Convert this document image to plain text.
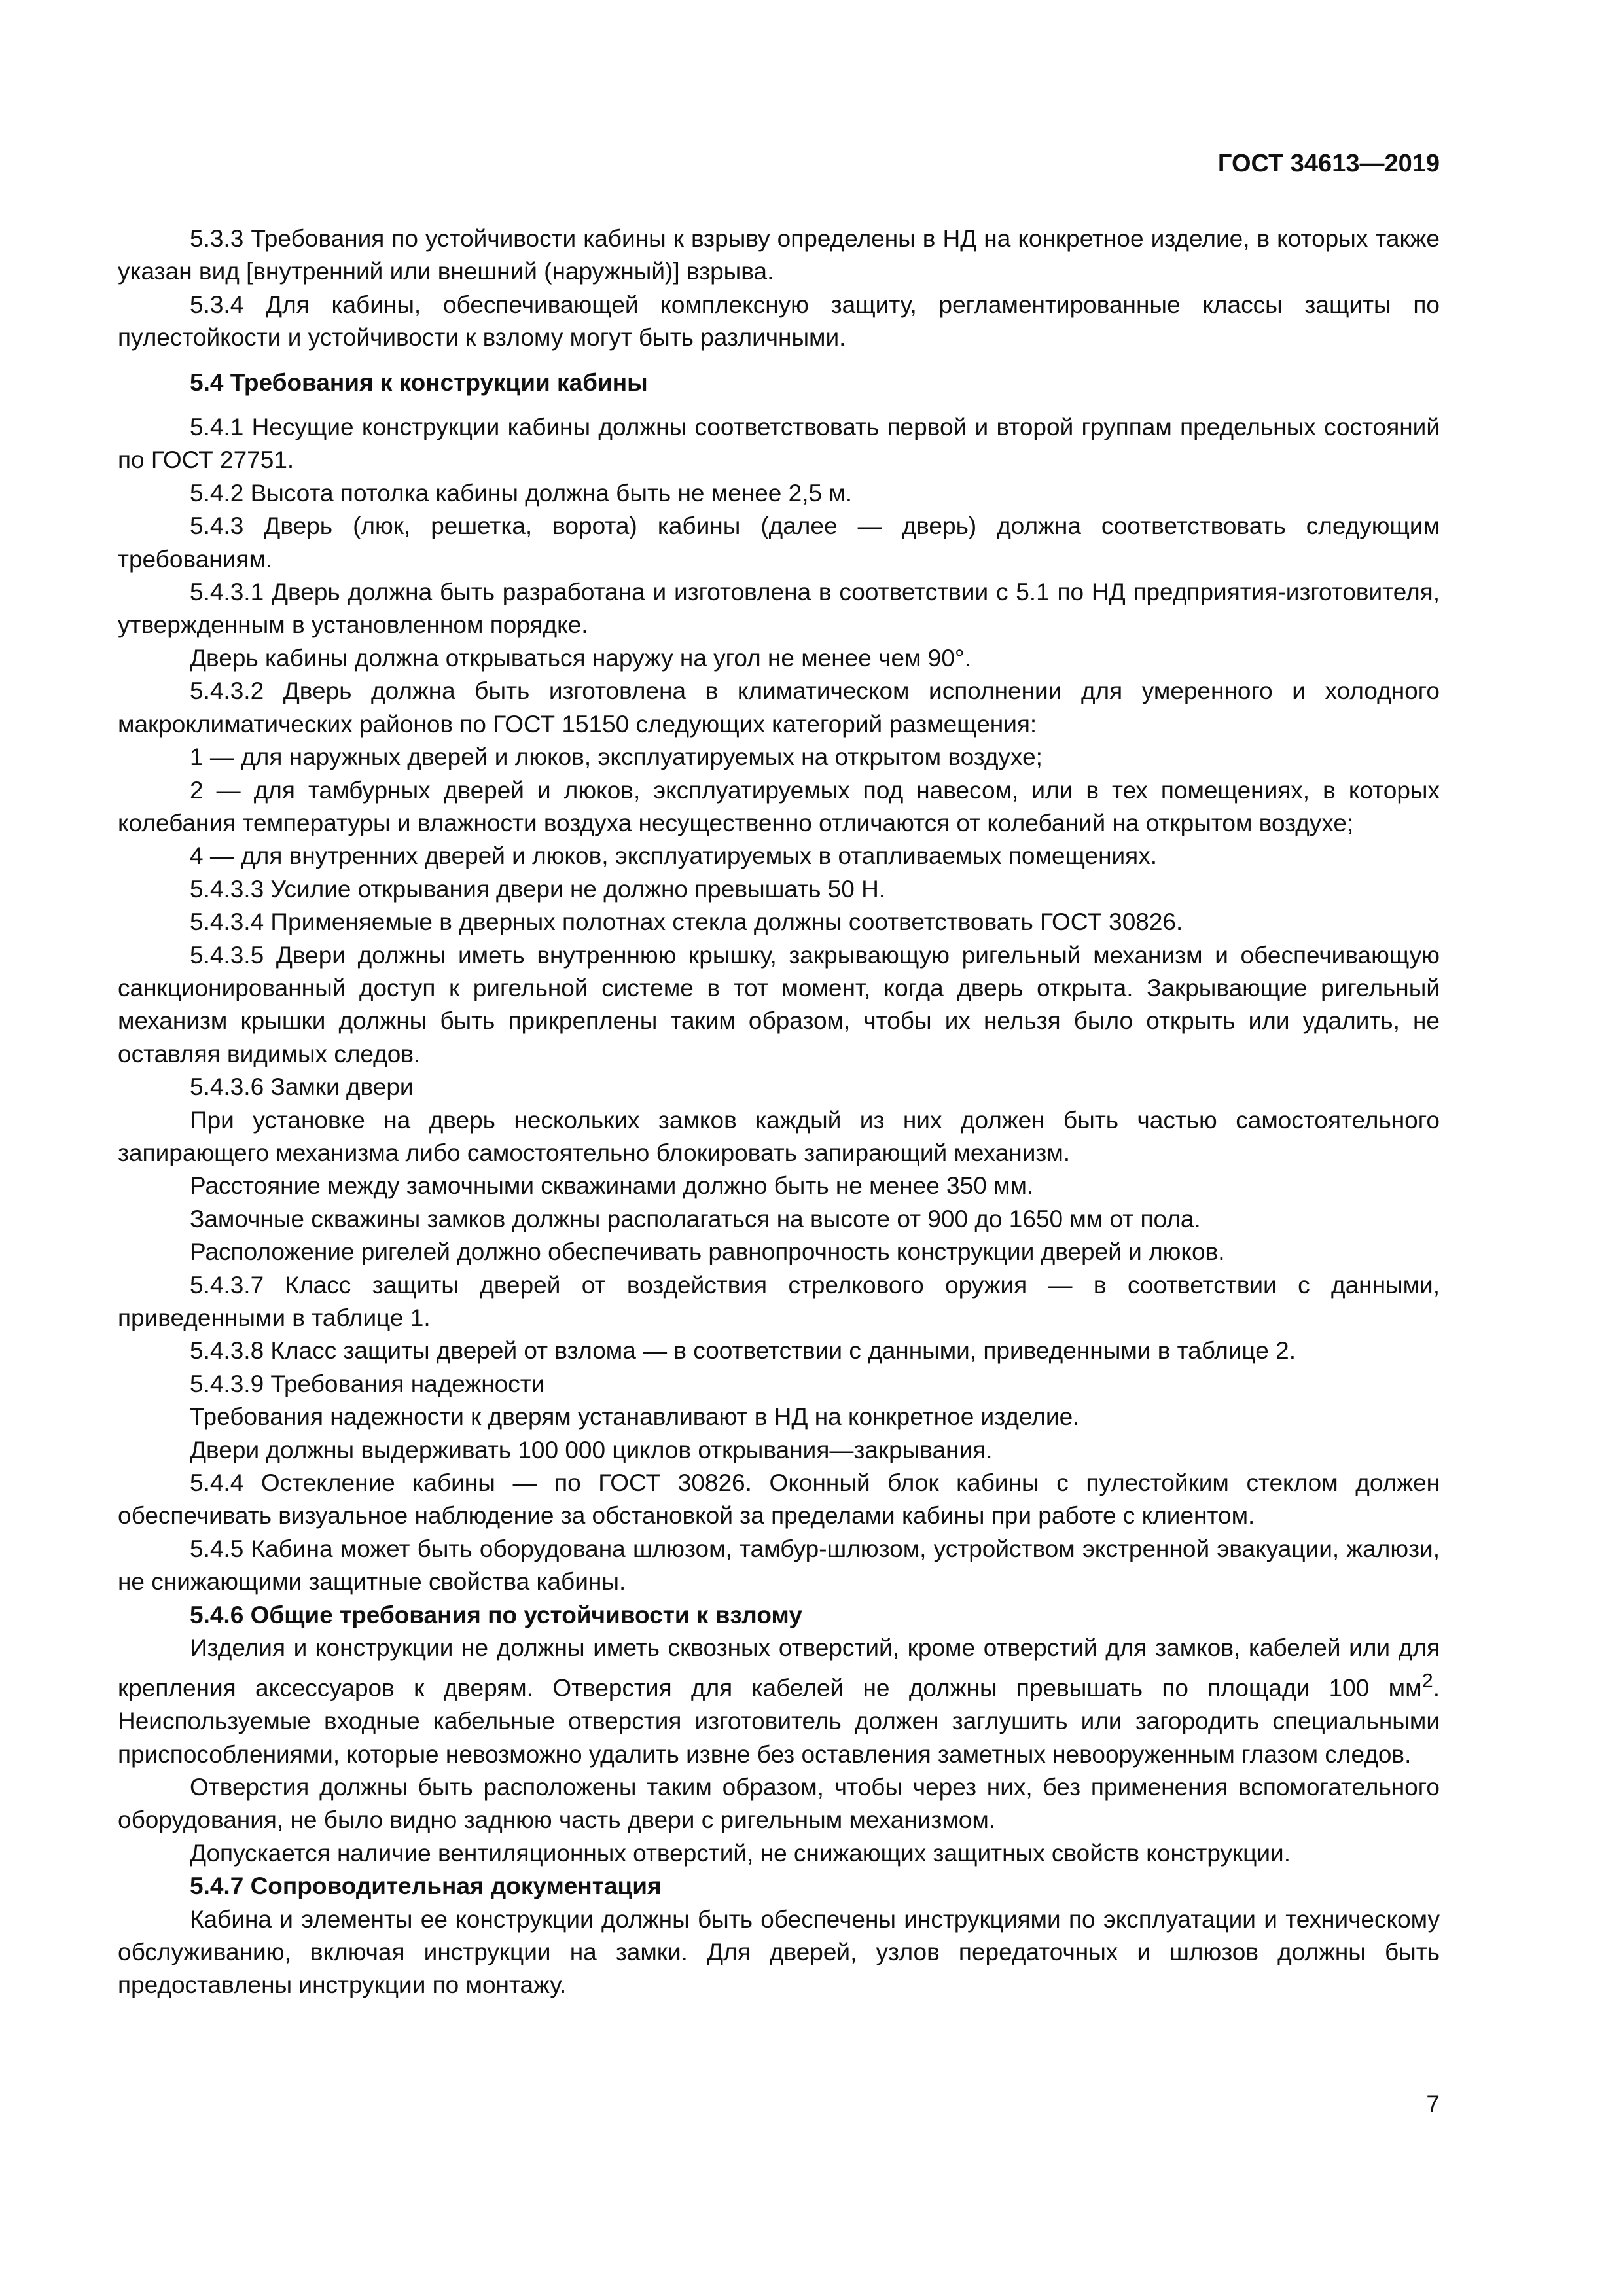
ГОСТ 34613—2019

5.3.3 Требования по устойчивости кабины к взрыву определены в НД на конкретное изделие, в которых также указан вид [внутренний или внешний (наружный)] взрыва.

5.3.4 Для кабины, обеспечивающей комплексную защиту, регламентированные классы защиты по пулестойкости и устойчивости к взлому могут быть различными.

5.4 Требования к конструкции кабины

5.4.1 Несущие конструкции кабины должны соответствовать первой и второй группам предельных состояний по ГОСТ 27751.

5.4.2 Высота потолка кабины должна быть не менее 2,5 м.

5.4.3 Дверь (люк, решетка, ворота) кабины (далее — дверь) должна соответствовать следующим требованиям.

5.4.3.1 Дверь должна быть разработана и изготовлена в соответствии с 5.1 по НД предприятия-изготовителя, утвержденным в установленном порядке.

Дверь кабины должна открываться наружу на угол не менее чем 90°.

5.4.3.2 Дверь должна быть изготовлена в климатическом исполнении для умеренного и холодного макроклиматических районов по ГОСТ 15150 следующих категорий размещения:

1 — для наружных дверей и люков, эксплуатируемых на открытом воздухе;

2 — для тамбурных дверей и люков, эксплуатируемых под навесом, или в тех помещениях, в которых колебания температуры и влажности воздуха несущественно отличаются от колебаний на открытом воздухе;

4 — для внутренних дверей и люков, эксплуатируемых в отапливаемых помещениях.

5.4.3.3 Усилие открывания двери не должно превышать 50 Н.

5.4.3.4 Применяемые в дверных полотнах стекла должны соответствовать ГОСТ 30826.

5.4.3.5 Двери должны иметь внутреннюю крышку, закрывающую ригельный механизм и обеспечивающую санкционированный доступ к ригельной системе в тот момент, когда дверь открыта. Закрывающие ригельный механизм крышки должны быть прикреплены таким образом, чтобы их нельзя было открыть или удалить, не оставляя видимых следов.

5.4.3.6 Замки двери

При установке на дверь нескольких замков каждый из них должен быть частью самостоятельного запирающего механизма либо самостоятельно блокировать запирающий механизм.

Расстояние между замочными скважинами должно быть не менее 350 мм.

Замочные скважины замков должны располагаться на высоте от 900 до 1650 мм от пола.

Расположение ригелей должно обеспечивать равнопрочность конструкции дверей и люков.

5.4.3.7 Класс защиты дверей от воздействия стрелкового оружия — в соответствии с данными, приведенными в таблице 1.

5.4.3.8 Класс защиты дверей от взлома — в соответствии с данными, приведенными в таблице 2.

5.4.3.9 Требования надежности

Требования надежности к дверям устанавливают в НД на конкретное изделие.

Двери должны выдерживать 100 000 циклов открывания—закрывания.

5.4.4 Остекление кабины — по ГОСТ 30826. Оконный блок кабины с пулестойким стеклом должен обеспечивать визуальное наблюдение за обстановкой за пределами кабины при работе с клиентом.

5.4.5 Кабина может быть оборудована шлюзом, тамбур-шлюзом, устройством экстренной эвакуации, жалюзи, не снижающими защитные свойства кабины.

5.4.6 Общие требования по устойчивости к взлому

Изделия и конструкции не должны иметь сквозных отверстий, кроме отверстий для замков, кабелей или для крепления аксессуаров к дверям. Отверстия для кабелей не должны превышать по площади 100 $мм^2$. Неиспользуемые входные кабельные отверстия изготовитель должен заглушить или загородить специальными приспособлениями, которые невозможно удалить извне без оставления заметных невооруженным глазом следов.

Отверстия должны быть расположены таким образом, чтобы через них, без применения вспомогательного оборудования, не было видно заднюю часть двери с ригельным механизмом.

Допускается наличие вентиляционных отверстий, не снижающих защитных свойств конструкции.

5.4.7 Сопроводительная документация

Кабина и элементы ее конструкции должны быть обеспечены инструкциями по эксплуатации и техническому обслуживанию, включая инструкции на замки. Для дверей, узлов передаточных и шлюзов должны быть предоставлены инструкции по монтажу.

7
